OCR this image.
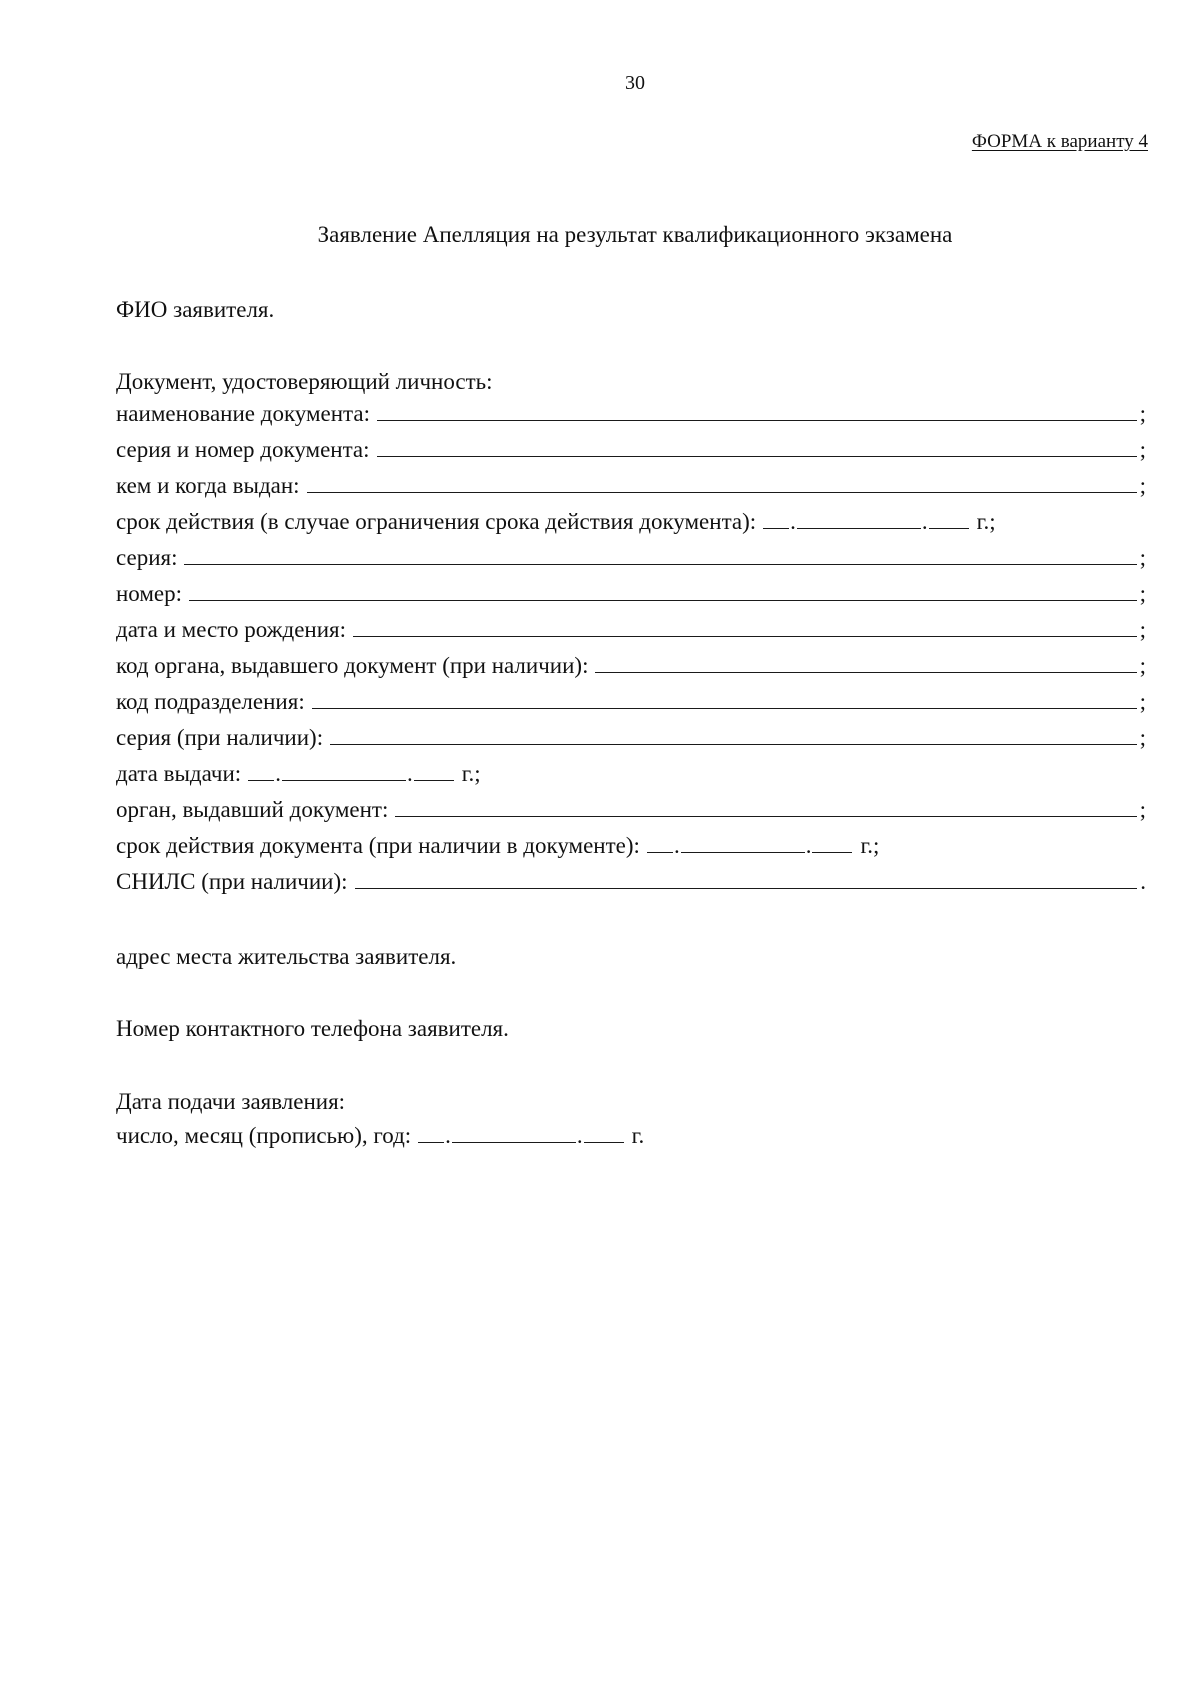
30
ФОРМА к варианту 4
Заявление Апелляция на результат квалификационного экзамена
ФИО заявителя.
Документ, удостоверяющий личность:
наименование документа:	;
серия и номер документа:	;
кем и когда выдан:	;
срок действия (в случае ограничения срока действия документа): .	. г.;
серия:	;
номер:	;
дата и место рождения:	;
код органа, выдавшего документ (при наличии):	;
код подразделения:	;
серия (при наличии):	;
дата выдачи: .	. г.;
орган, выдавший документ:	;
срок действия документа (при наличии в документе): .	. г.;
СНИЛС (при наличии):	.
адрес места жительства заявителя.
Номер контактного телефона заявителя.
Дата подачи заявления:
число, месяц (прописью), год: .	. г.
